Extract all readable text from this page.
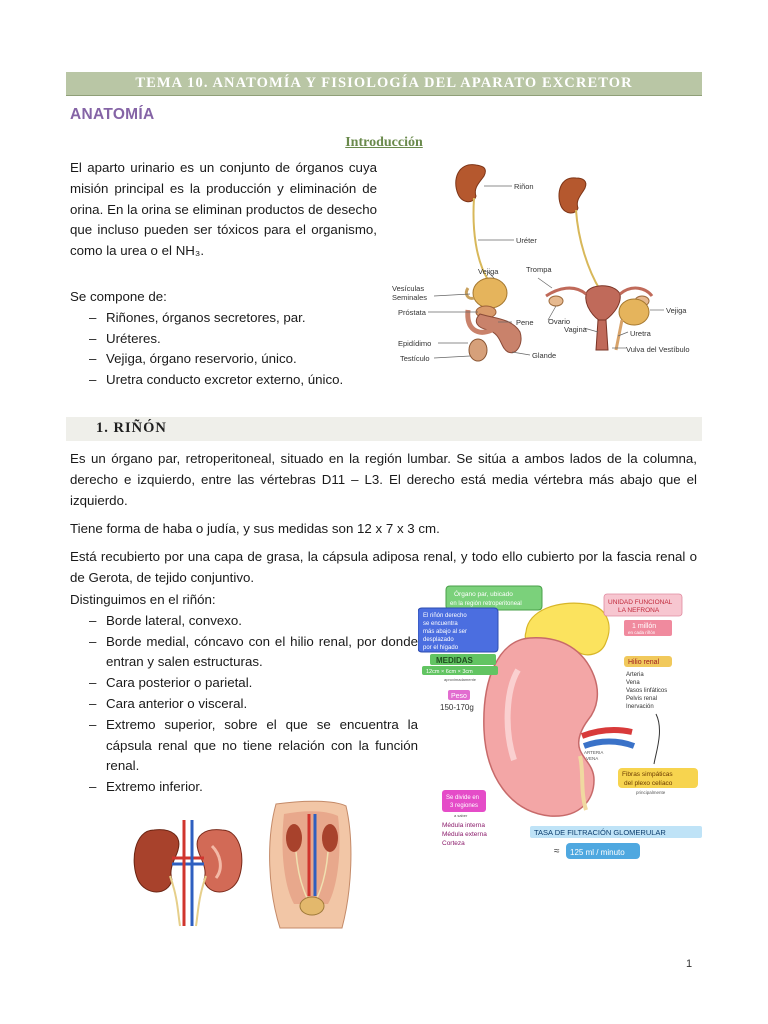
TEMA 10. ANATOMÍA Y FISIOLOGÍA DEL APARATO EXCRETOR
ANATOMÍA
Introducción

El aparto urinario es un conjunto de órganos cuya misión principal es la producción y eliminación de orina. En la orina se eliminan productos de desecho que incluso pueden ser tóxicos para el organismo, como la urea o el NH₃.

Se compone de:

– Riñones, órganos secretores, par.
– Uréteres.
– Vejiga, órgano reservorio, único.
– Uretra conducto excretor externo, único.
Riñon
Uréter
Vejiga	Trompa
Vesículas
Seminales
Próstata
Pene Ovario
Vagina
Epidídimo
Testículo	Glande
Vejiga
Uretra
Vulva del Vestíbulo
1. RIÑÓN

Es un órgano par, retroperitoneal, situado en la región lumbar. Se sitúa a ambos lados de la columna, derecho e izquierdo, entre las vértebras D11 – L3. El derecho está media vértebra más abajo que el izquierdo.

Tiene forma de haba o judía, y sus medidas son 12 x 7 x 3 cm.

Está recubierto por una capa de grasa, la cápsula adiposa renal, y todo ello cubierto por la fascia renal o de Gerota, de tejido conjuntivo.

Distinguimos en el riñón:

– Borde lateral, convexo.
– Borde medial, cóncavo con el hilio renal, por donde entran y salen estructuras.
– Cara posterior o parietal.
– Cara anterior o visceral.
– Extremo superior, sobre el que se encuentra la cápsula renal que no tiene relación con la función renal.
– Extremo inferior.
ARTERIA
VENA
Órgano par, ubicado
en la región retroperitoneal
El riñón derecho
se encuentra
más abajo al ser
desplazado
por el hígado
MEDIDAS
12cm × 6cm × 3cm
aproximadamente
Peso
150-170g
UNIDAD FUNCIONAL
LA NEFRONA
1 millón
en cada riñón
Hilio renal
Arteria
Vena
Vasos linfáticos
Pelvis renal
Inervación
Fibras simpáticas
del plexo celíaco
principalmente
Se divide en
3 regiones
a saber
Médula interna
Médula externa
Corteza
TASA DE FILTRACIÓN GLOMERULAR
≈ 125 ml / minuto
1
